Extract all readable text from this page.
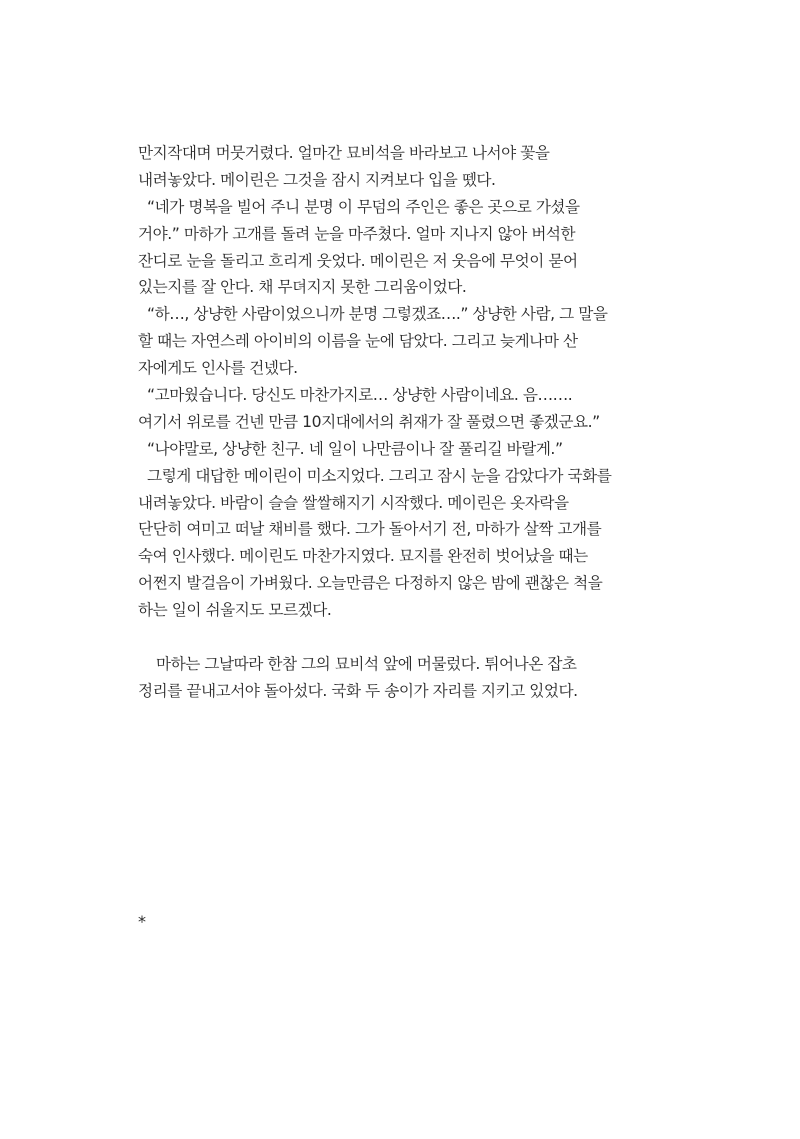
만지작대며 머뭇거렸다. 얼마간 묘비석을 바라보고 나서야 꽃을
내려놓았다. 메이린은 그것을 잠시 지켜보다 입을 뗐다.
“네가 명복을 빌어 주니 분명 이 무덤의 주인은 좋은 곳으로 가셨을
거야.” 마하가 고개를 돌려 눈을 마주쳤다. 얼마 지나지 않아 버석한
잔디로 눈을 돌리고 흐리게 웃었다. 메이린은 저 웃음에 무엇이 묻어
있는지를 잘 안다. 채 무뎌지지 못한 그리움이었다.
“하…, 상냥한 사람이었으니까 분명 그렇겠죠….” 상냥한 사람, 그 말을
할 때는 자연스레 아이비의 이름을 눈에 담았다. 그리고 늦게나마 산
자에게도 인사를 건넸다.
“고마웠습니다. 당신도 마찬가지로… 상냥한 사람이네요. 음…….
여기서 위로를 건넨 만큼 10지대에서의 취재가 잘 풀렸으면 좋겠군요.”
“나야말로, 상냥한 친구. 네 일이 나만큼이나 잘 풀리길 바랄게.”
그렇게 대답한 메이린이 미소지었다. 그리고 잠시 눈을 감았다가 국화를
내려놓았다. 바람이 슬슬 쌀쌀해지기 시작했다. 메이린은 옷자락을
단단히 여미고 떠날 채비를 했다. 그가 돌아서기 전, 마하가 살짝 고개를
숙여 인사했다. 메이린도 마찬가지였다. 묘지를 완전히 벗어났을 때는
어쩐지 발걸음이 가벼웠다. 오늘만큼은 다정하지 않은 밤에 괜찮은 척을
하는 일이 쉬울지도 모르겠다.
마하는 그날따라 한참 그의 묘비석 앞에 머물렀다. 튀어나온 잡초
정리를 끝내고서야 돌아섰다. 국화 두 송이가 자리를 지키고 있었다.
*
